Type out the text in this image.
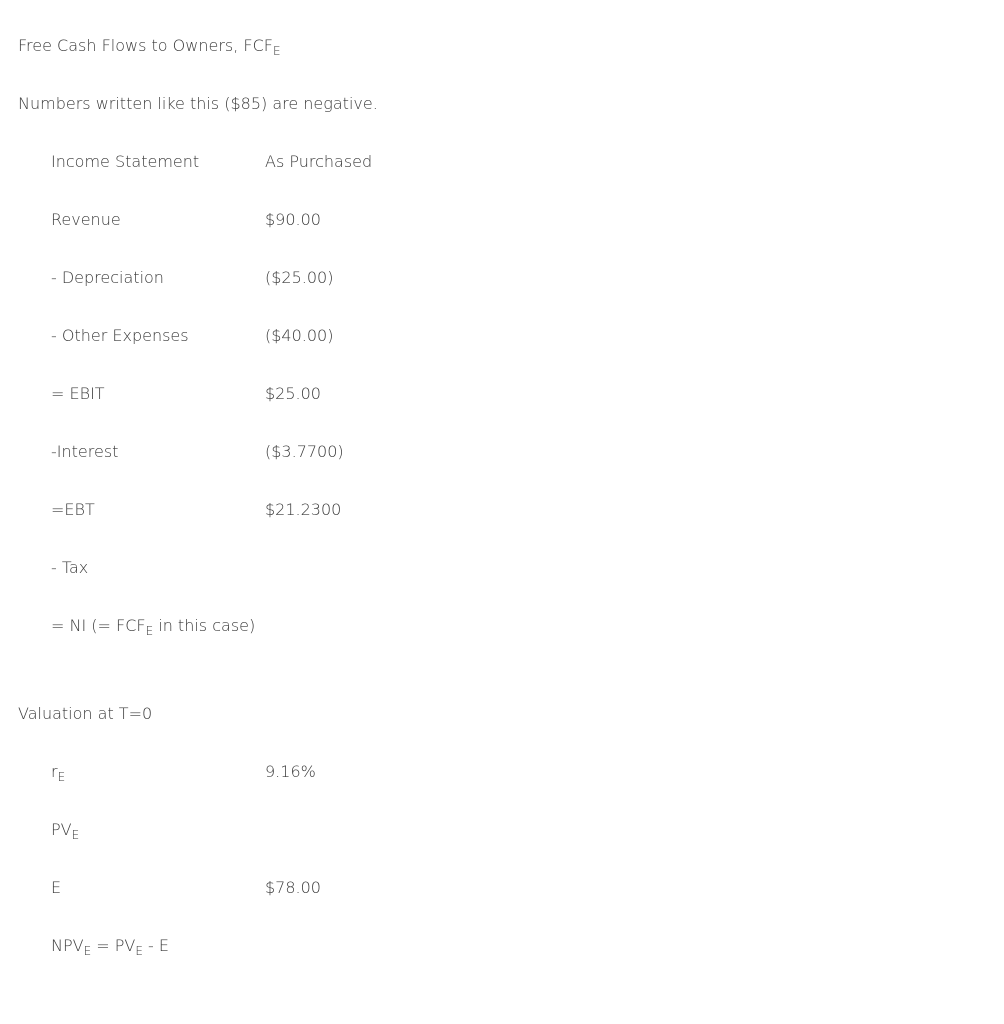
Free Cash Flows to Owners, $FCF_E$
Numbers written like this ($85) are negative.
Income Statement	As Purchased
Revenue	$90.00
- Depreciation	($25.00)
- Other Expenses	($40.00)
= EBIT	$25.00
-Interest	($3.7700)
=EBT	$21.2300
- Tax
= NI (= $FCF_E$ in this case)
Valuation at T=0
$r_E$	9.16%
$PV_E$
E	$78.00
$NPV_E = PV_E - E$
